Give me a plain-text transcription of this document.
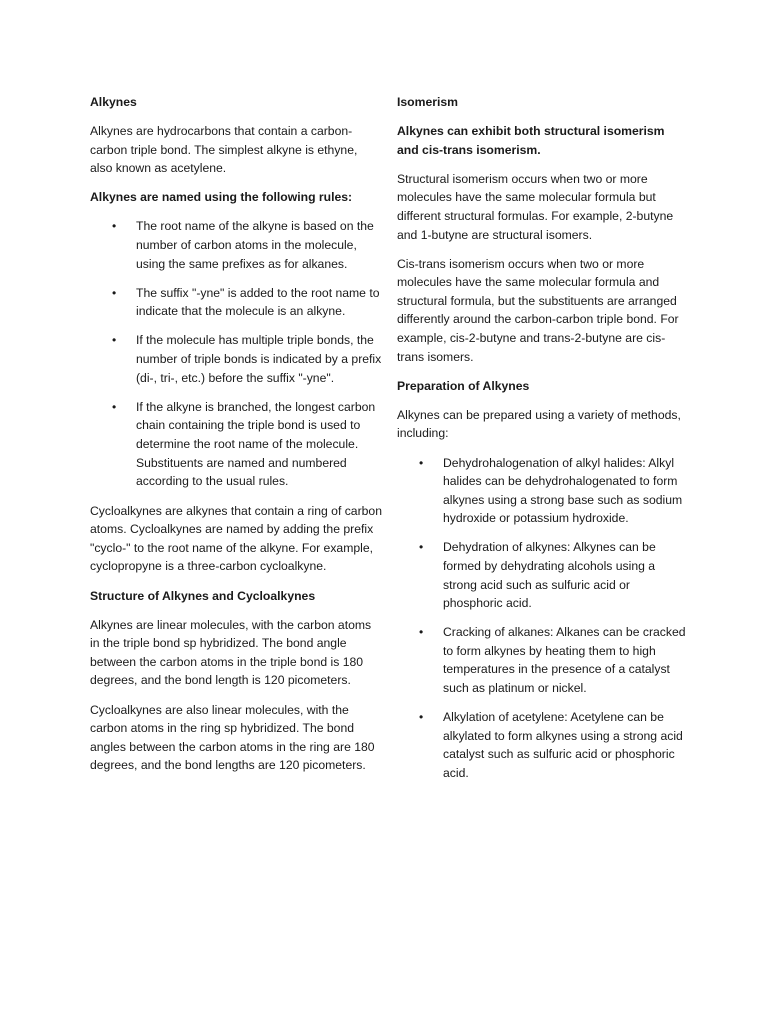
Alkynes

Alkynes are hydrocarbons that contain a carbon-carbon triple bond. The simplest alkyne is ethyne, also known as acetylene.

Alkynes are named using the following rules:

• The root name of the alkyne is based on the number of carbon atoms in the molecule, using the same prefixes as for alkanes.
• The suffix "-yne" is added to the root name to indicate that the molecule is an alkyne.
• If the molecule has multiple triple bonds, the number of triple bonds is indicated by a prefix (di-, tri-, etc.) before the suffix "-yne".
• If the alkyne is branched, the longest carbon chain containing the triple bond is used to determine the root name of the molecule. Substituents are named and numbered according to the usual rules.

Cycloalkynes are alkynes that contain a ring of carbon atoms. Cycloalkynes are named by adding the prefix "cyclo-" to the root name of the alkyne. For example, cyclopropyne is a three-carbon cycloalkyne.

Structure of Alkynes and Cycloalkynes

Alkynes are linear molecules, with the carbon atoms in the triple bond sp hybridized. The bond angle between the carbon atoms in the triple bond is 180 degrees, and the bond length is 120 picometers.

Cycloalkynes are also linear molecules, with the carbon atoms in the ring sp hybridized. The bond angles between the carbon atoms in the ring are 180 degrees, and the bond lengths are 120 picometers.

Isomerism

Alkynes can exhibit both structural isomerism and cis-trans isomerism.

Structural isomerism occurs when two or more molecules have the same molecular formula but different structural formulas. For example, 2-butyne and 1-butyne are structural isomers.

Cis-trans isomerism occurs when two or more molecules have the same molecular formula and structural formula, but the substituents are arranged differently around the carbon-carbon triple bond. For example, cis-2-butyne and trans-2-butyne are cis-trans isomers.

Preparation of Alkynes

Alkynes can be prepared using a variety of methods, including:

• Dehydrohalogenation of alkyl halides: Alkyl halides can be dehydrohalogenated to form alkynes using a strong base such as sodium hydroxide or potassium hydroxide.
• Dehydration of alkynes: Alkynes can be formed by dehydrating alcohols using a strong acid such as sulfuric acid or phosphoric acid.
• Cracking of alkanes: Alkanes can be cracked to form alkynes by heating them to high temperatures in the presence of a catalyst such as platinum or nickel.
• Alkylation of acetylene: Acetylene can be alkylated to form alkynes using a strong acid catalyst such as sulfuric acid or phosphoric acid.
